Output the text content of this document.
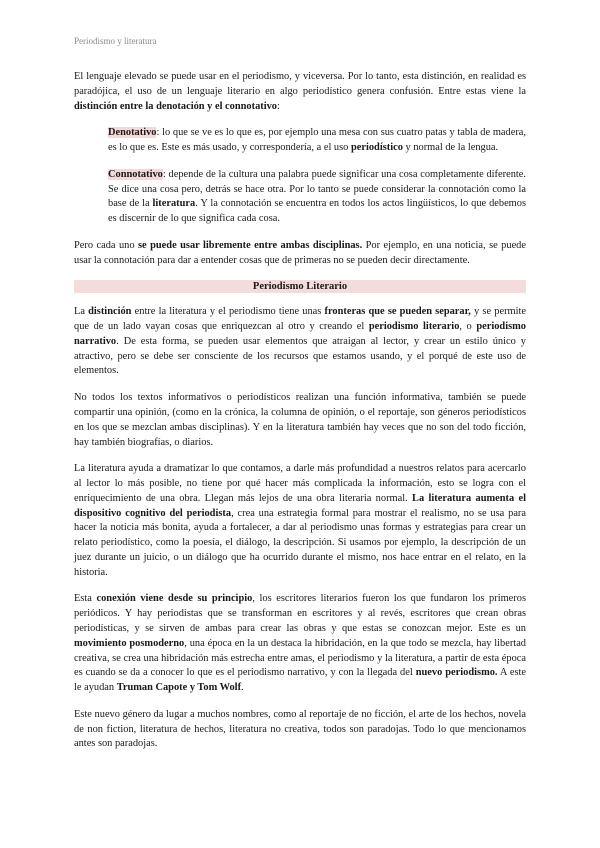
Periodismo y literatura

El lenguaje elevado se puede usar en el periodismo, y viceversa. Por lo tanto, esta distinción, en realidad es paradójica, el uso de un lenguaje literario en algo periodístico genera confusión. Entre estas viene la distinción entre la denotación y el connotativo:

Denotativo: lo que se ve es lo que es, por ejemplo una mesa con sus cuatro patas y tabla de madera, es lo que es. Este es más usado, y correspondería, a el uso periodístico y normal de la lengua.

Connotativo: depende de la cultura una palabra puede significar una cosa completamente diferente. Se dice una cosa pero, detrás se hace otra. Por lo tanto se puede considerar la connotación como la base de la literatura. Y la connotación se encuentra en todos los actos lingüísticos, lo que debemos es discernir de lo que significa cada cosa.

Pero cada uno se puede usar libremente entre ambas disciplinas. Por ejemplo, en una noticia, se puede usar la connotación para dar a entender cosas que de primeras no se pueden decir directamente.

Periodismo Literario

La distinción entre la literatura y el periodismo tiene unas fronteras que se pueden separar, y se permite que de un lado vayan cosas que enriquezcan al otro y creando el periodismo literario, o periodismo narrativo. De esta forma, se pueden usar elementos que atraigan al lector, y crear un estilo único y atractivo, pero se debe ser consciente de los recursos que estamos usando, y el porqué de este uso de elementos.

No todos los textos informativos o periodísticos realizan una función informativa, también se puede compartir una opinión, (como en la crónica, la columna de opinión, o el reportaje, son géneros periodísticos en los que se mezclan ambas disciplinas). Y en la literatura también hay veces que no son del todo ficción, hay también biografías, o diarios.

La literatura ayuda a dramatizar lo que contamos, a darle más profundidad a nuestros relatos para acercarlo al lector lo más posible, no tiene por qué hacer más complicada la información, esto se logra con el enriquecimiento de una obra. Llegan más lejos de una obra literaria normal. La literatura aumenta el dispositivo cognitivo del periodista, crea una estrategia formal para mostrar el realismo, no se usa para hacer la noticia más bonita, ayuda a fortalecer, a dar al periodismo unas formas y estrategias para crear un relato periodístico, como la poesía, el diálogo, la descripción. Si usamos por ejemplo, la descripción de un juez durante un juicio, o un diálogo que ha ocurrido durante el mismo, nos hace entrar en el relato, en la historia.

Esta conexión viene desde su principio, los escritores literarios fueron los que fundaron los primeros periódicos. Y hay periodistas que se transforman en escritores y al revés, escritores que crean obras periodísticas, y se sirven de ambas para crear las obras y que estas se conozcan mejor. Este es un movimiento posmoderno, una época en la un destaca la hibridación, en la que todo se mezcla, hay libertad creativa, se crea una hibridación más estrecha entre amas, el periodismo y la literatura, a partir de esta época es cuando se da a conocer lo que es el periodismo narrativo, y con la llegada del nuevo periodismo. A este le ayudan Truman Capote y Tom Wolf.

Este nuevo género da lugar a muchos nombres, como al reportaje de no ficción, el arte de los hechos, novela de non fiction, literatura de hechos, literatura no creativa, todos son paradojas. Todo lo que mencionamos antes son paradojas.
